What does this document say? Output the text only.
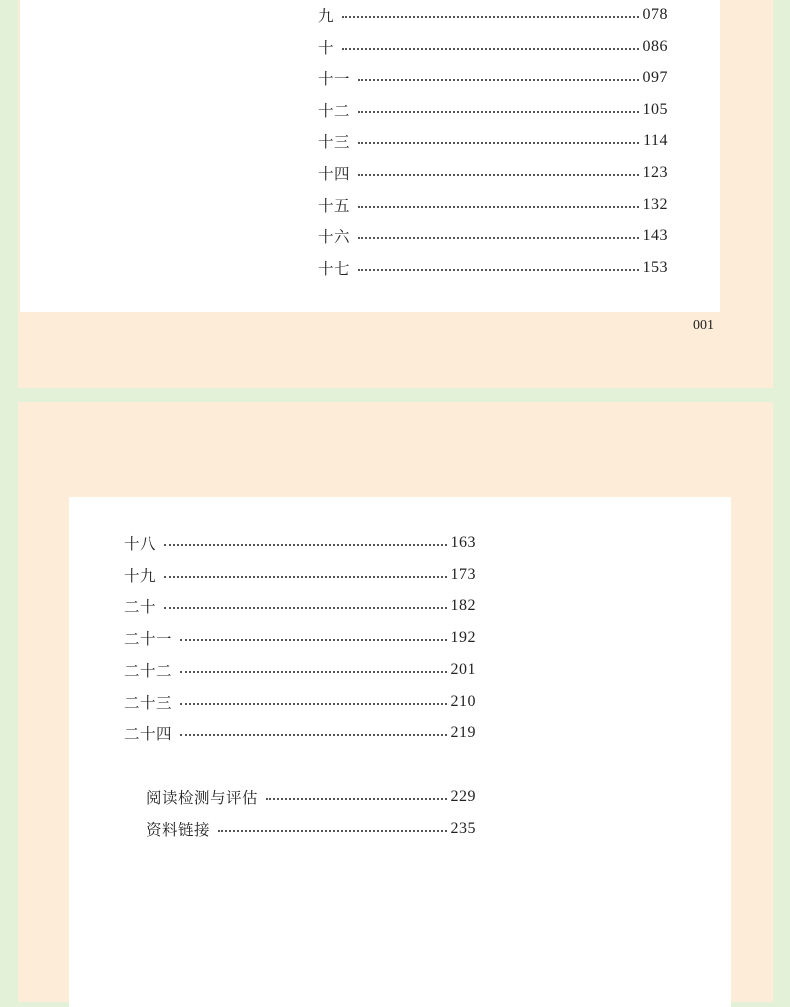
九	078
十	086
十一	097
十二	105
十三	114
十四	123
十五	132
十六	143
十七	153
001
十八	163
十九	173
二十	182
二十一	192
二十二	201
二十三	210
二十四	219
阅读检测与评估	229
资料链接	235
